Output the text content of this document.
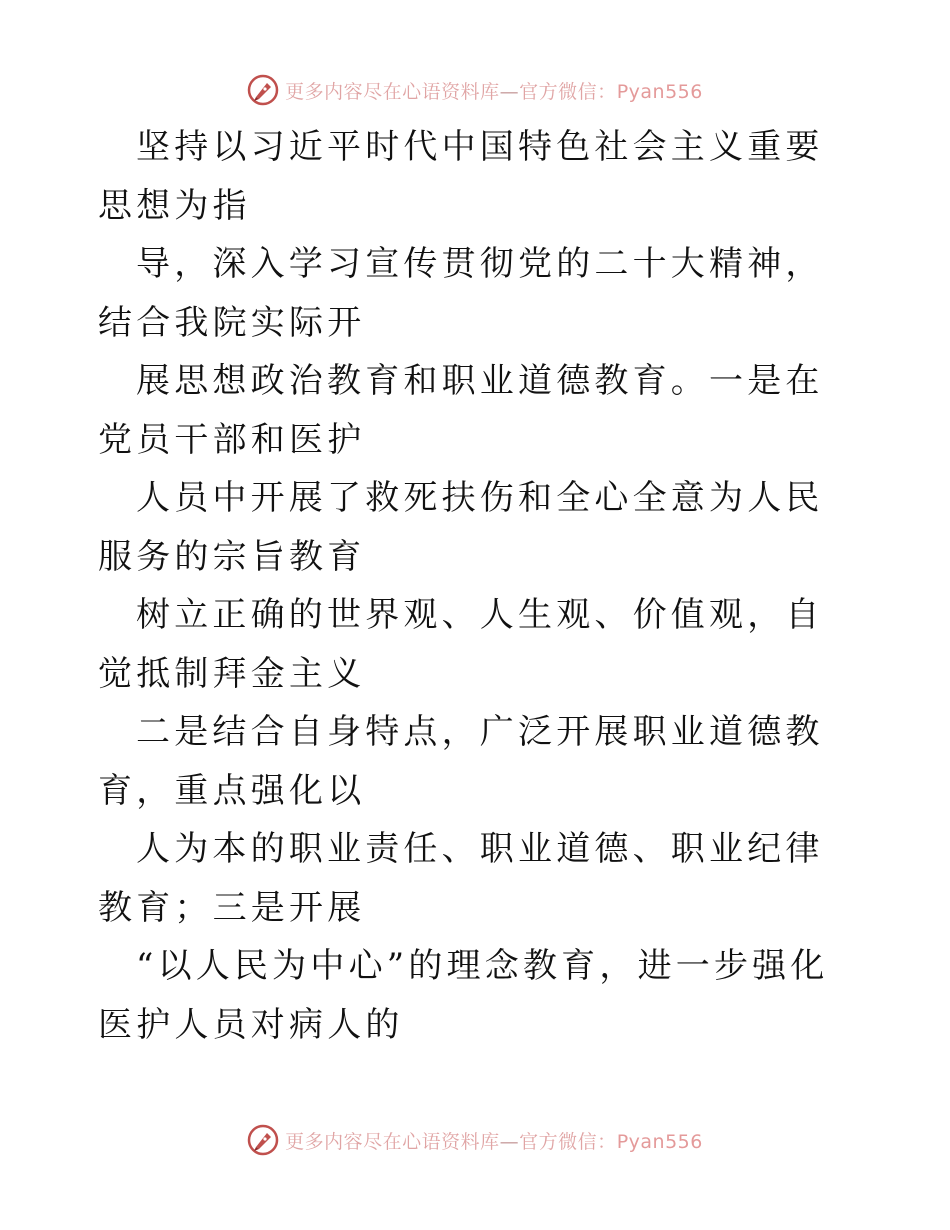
更多内容尽在心语资料库—官方微信：Pyan556

坚持以习近平时代中国特色社会主义重要思想为指

导，深入学习宣传贯彻党的二十大精神，结合我院实际开

展思想政治教育和职业道德教育。一是在党员干部和医护

人员中开展了救死扶伤和全心全意为人民服务的宗旨教育

树立正确的世界观、人生观、价值观，自觉抵制拜金主义

二是结合自身特点，广泛开展职业道德教育，重点强化以

人为本的职业责任、职业道德、职业纪律教育；三是开展

“以人民为中心”的理念教育，进一步强化医护人员对病人的

更多内容尽在心语资料库—官方微信：Pyan556
